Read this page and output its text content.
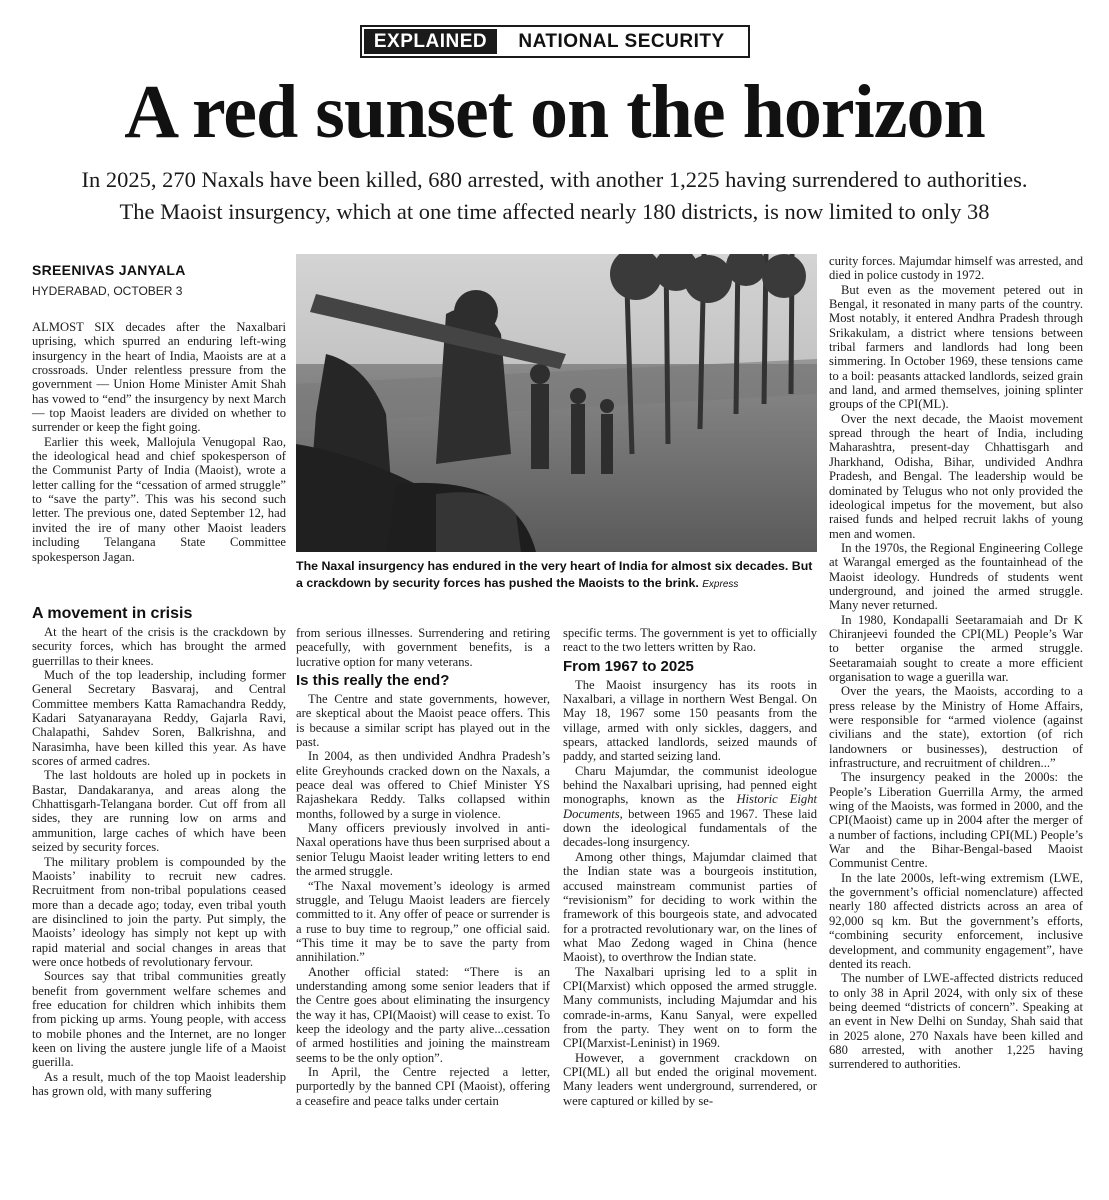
EXPLAINED	NATIONAL SECURITY
A red sunset on the horizon
In 2025, 270 Naxals have been killed, 680 arrested, with another 1,225 having surrendered to authorities.
The Maoist insurgency, which at one time affected nearly 180 districts, is now limited to only 38
SREENIVAS JANYALA
HYDERABAD, OCTOBER 3
The Naxal insurgency has endured in the very heart of India for almost six decades. But a crackdown by security forces has pushed the Maoists to the brink. Express

ALMOST SIX decades after the Naxalbari uprising, which spurred an enduring left-wing insurgency in the heart of India, Maoists are at a crossroads. Under relentless pressure from the government — Union Home Minister Amit Shah has vowed to “end” the insurgency by next March — top Maoist leaders are divided on whether to surrender or keep the fight going.

Earlier this week, Mallojula Venugopal Rao, the ideological head and chief spokesperson of the Communist Party of India (Maoist), wrote a letter calling for the “cessation of armed struggle” to “save the party”. This was his second such letter. The previous one, dated September 12, had invited the ire of many other Maoist leaders including Telangana State Committee spokesperson Jagan.

A movement in crisis

At the heart of the crisis is the crackdown by security forces, which has brought the armed guerrillas to their knees.

Much of the top leadership, including former General Secretary Basvaraj, and Central Committee members Katta Ramachandra Reddy, Kadari Satyanarayana Reddy, Gajarla Ravi, Chalapathi, Sahdev Soren, Balkrishna, and Narasimha, have been killed this year. As have scores of armed cadres.

The last holdouts are holed up in pockets in Bastar, Dandakaranya, and areas along the Chhattisgarh-Telangana border. Cut off from all sides, they are running low on arms and ammunition, large caches of which have been seized by security forces.

The military problem is compounded by the Maoists’ inability to recruit new cadres. Recruitment from non-tribal populations ceased more than a decade ago; today, even tribal youth are disinclined to join the party. Put simply, the Maoists’ ideology has simply not kept up with rapid material and social changes in areas that were once hotbeds of revolutionary fervour.

Sources say that tribal communities greatly benefit from government welfare schemes and free education for children which inhibits them from picking up arms. Young people, with access to mobile phones and the Internet, are no longer keen on living the austere jungle life of a Maoist guerilla.

As a result, much of the top Maoist leadership has grown old, with many suffering

from serious illnesses. Surrendering and retiring peacefully, with government benefits, is a lucrative option for many veterans.

Is this really the end?

The Centre and state governments, however, are skeptical about the Maoist peace offers. This is because a similar script has played out in the past.

In 2004, as then undivided Andhra Pradesh’s elite Greyhounds cracked down on the Naxals, a peace deal was offered to Chief Minister YS Rajashekara Reddy. Talks collapsed within months, followed by a surge in violence.

Many officers previously involved in anti-Naxal operations have thus been surprised about a senior Telugu Maoist leader writing letters to end the armed struggle.

“The Naxal movement’s ideology is armed struggle, and Telugu Maoist leaders are fiercely committed to it. Any offer of peace or surrender is a ruse to buy time to regroup,” one official said. “This time it may be to save the party from annihilation.”

Another official stated: “There is an understanding among some senior leaders that if the Centre goes about eliminating the insurgency the way it has, CPI(Maoist) will cease to exist. To keep the ideology and the party alive...cessation of armed hostilities and joining the mainstream seems to be the only option”.

In April, the Centre rejected a letter, purportedly by the banned CPI (Maoist), offering a ceasefire and peace talks under certain

specific terms. The government is yet to officially react to the two letters written by Rao.

From 1967 to 2025

The Maoist insurgency has its roots in Naxalbari, a village in northern West Bengal. On May 18, 1967 some 150 peasants from the village, armed with only sickles, daggers, and spears, attacked landlords, seized maunds of paddy, and started seizing land.

Charu Majumdar, the communist ideologue behind the Naxalbari uprising, had penned eight monographs, known as the Historic Eight Documents, between 1965 and 1967. These laid down the ideological fundamentals of the decades-long insurgency.

Among other things, Majumdar claimed that the Indian state was a bourgeois institution, accused mainstream communist parties of “revisionism” for deciding to work within the framework of this bourgeois state, and advocated for a protracted revolutionary war, on the lines of what Mao Zedong waged in China (hence Maoist), to overthrow the Indian state.

The Naxalbari uprising led to a split in CPI(Marxist) which opposed the armed struggle. Many communists, including Majumdar and his comrade-in-arms, Kanu Sanyal, were expelled from the party. They went on to form the CPI(Marxist-Leninist) in 1969.

However, a government crackdown on CPI(ML) all but ended the original movement. Many leaders went underground, surrendered, or were captured or killed by se-

curity forces. Majumdar himself was arrested, and died in police custody in 1972.

But even as the movement petered out in Bengal, it resonated in many parts of the country. Most notably, it entered Andhra Pradesh through Srikakulam, a district where tensions between tribal farmers and landlords had long been simmering. In October 1969, these tensions came to a boil: peasants attacked landlords, seized grain and land, and armed themselves, joining splinter groups of the CPI(ML).

Over the next decade, the Maoist movement spread through the heart of India, including Maharashtra, present-day Chhattisgarh and Jharkhand, Odisha, Bihar, undivided Andhra Pradesh, and Bengal. The leadership would be dominated by Telugus who not only provided the ideological impetus for the movement, but also raised funds and helped recruit lakhs of young men and women.

In the 1970s, the Regional Engineering College at Warangal emerged as the fountainhead of the Maoist ideology. Hundreds of students went underground, and joined the armed struggle. Many never returned.

In 1980, Kondapalli Seetaramaiah and Dr K Chiranjeevi founded the CPI(ML) People’s War to better organise the armed struggle. Seetaramaiah sought to create a more efficient organisation to wage a guerilla war.

Over the years, the Maoists, according to a press release by the Ministry of Home Affairs, were responsible for “armed violence (against civilians and the state), extortion (of rich landowners or businesses), destruction of infrastructure, and recruitment of children...”

The insurgency peaked in the 2000s: the People’s Liberation Guerrilla Army, the armed wing of the Maoists, was formed in 2000, and the CPI(Maoist) came up in 2004 after the merger of a number of factions, including CPI(ML) People’s War and the Bihar-Bengal-based Maoist Communist Centre.

In the late 2000s, left-wing extremism (LWE, the government’s official nomenclature) affected nearly 180 affected districts across an area of 92,000 sq km. But the government’s efforts, “combining security enforcement, inclusive development, and community engagement”, have dented its reach.

The number of LWE-affected districts reduced to only 38 in April 2024, with only six of these being deemed “districts of concern”. Speaking at an event in New Delhi on Sunday, Shah said that in 2025 alone, 270 Naxals have been killed and 680 arrested, with another 1,225 having surrendered to authorities.
